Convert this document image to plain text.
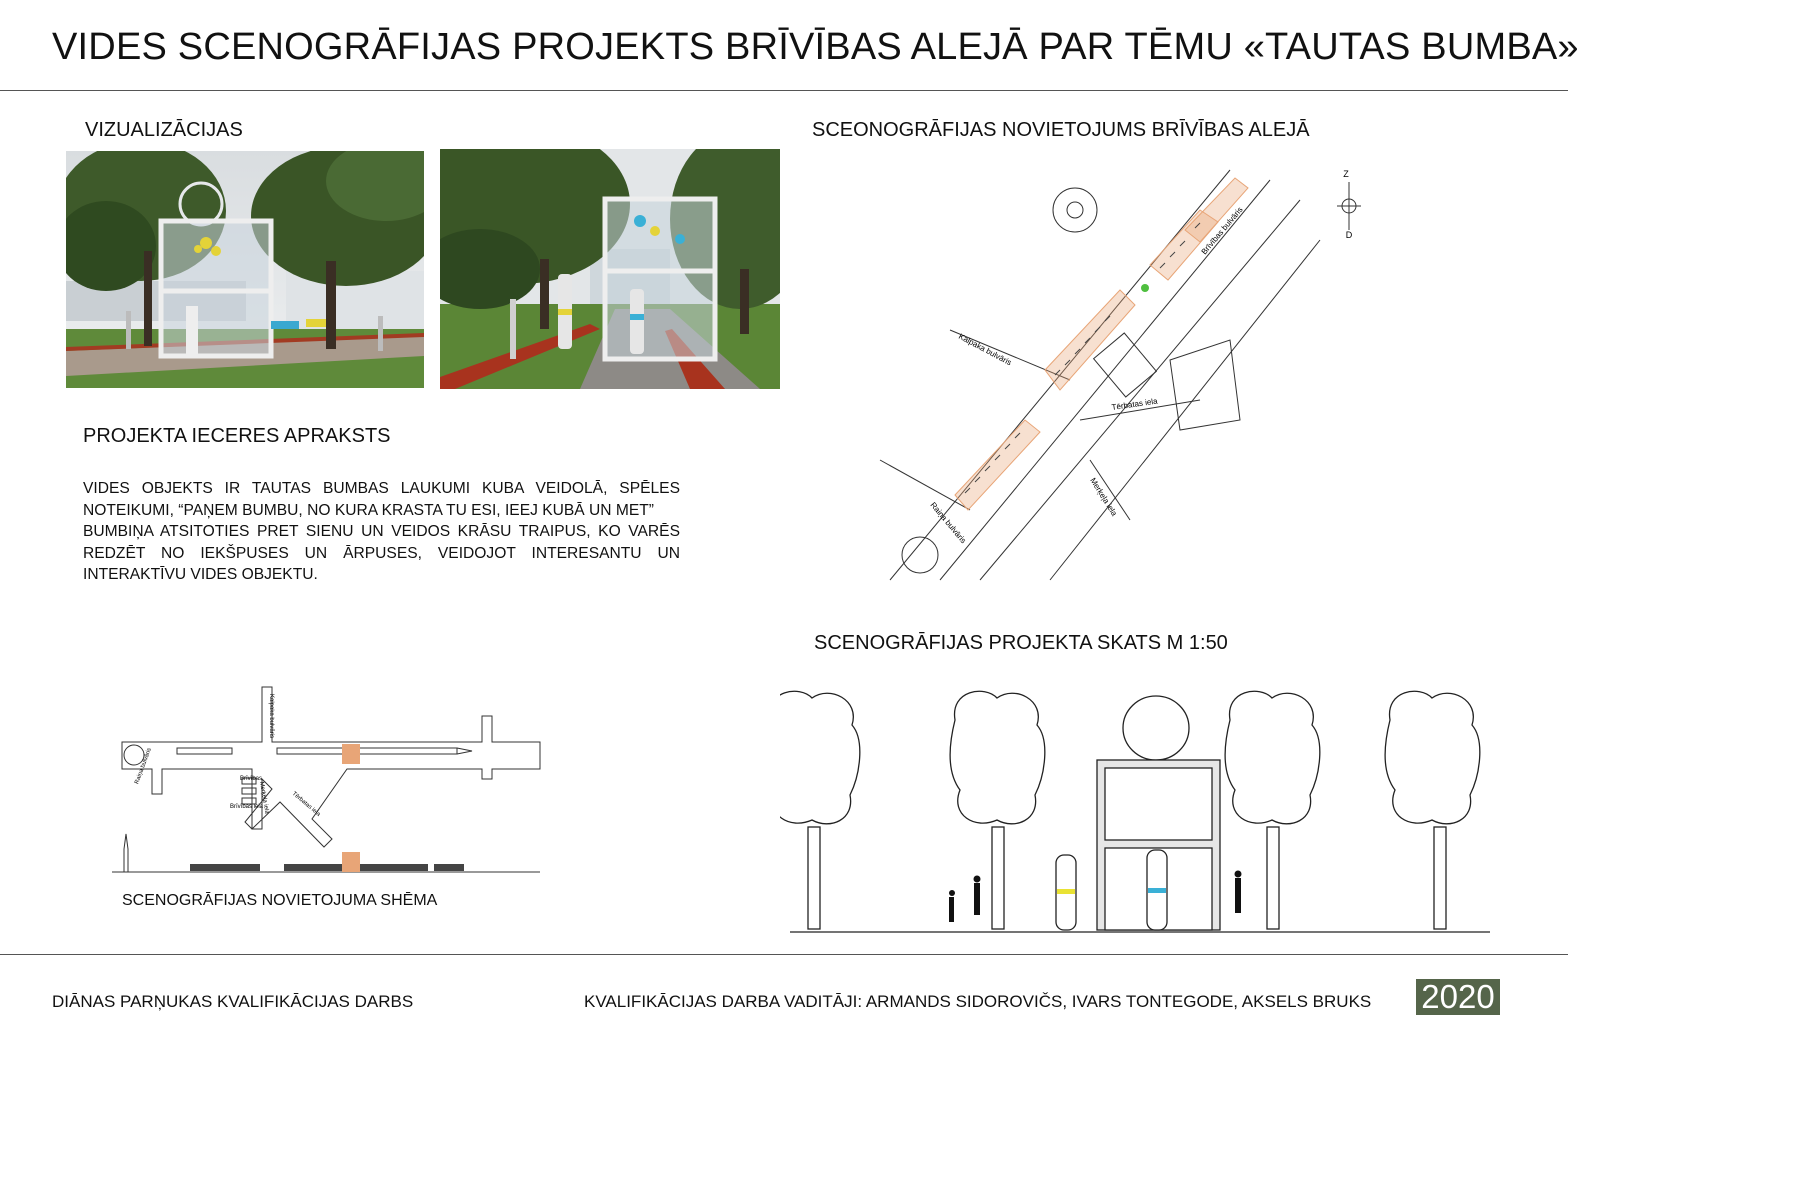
VIDES SCENOGRĀFIJAS PROJEKTS BRĪVĪBAS ALEJĀ PAR TĒMU «TAUTAS BUMBA»
VIZUALIZĀCIJAS
PROJEKTA IECERES APRAKSTS

VIDES OBJEKTS IR TAUTAS BUMBAS LAUKUMI KUBA VEIDOLĀ, SPĒLES NOTEIKUMI, “PAŅEM BUMBU, NO KURA KRASTA TU ESI, IEEJ KUBĀ UN MET”

BUMBIŅA ATSITOTIES PRET SIENU UN VEIDOS KRĀSU TRAIPUS, KO VARĒS REDZĒT NO IEKŠPUSES UN ĀRPUSES, VEIDOJOT INTERESANTU UN INTERAKTĪVU VIDES OBJEKTU.

SCEONOGRĀFIJAS NOVIETOJUMS BRĪVĪBAS ALEJĀ
Brīvības bulvāris
Kalpaka bulvāris
Tērbatas iela
Merķeļa iela
Raiņa bulvāris
Z
D
SCENOGRĀFIJAS PROJEKTA SKATS M 1:50
Kalpaka bulvāris
Raiņa bulvāris	Brīvības
Brīvības iela
Merķeļa iela	Tērbatas iela
SCENOGRĀFIJAS NOVIETOJUMA SHĒMA
DIĀNAS PARŅUKAS KVALIFIKĀCIJAS DARBS	KVALIFIKĀCIJAS DARBA VADITĀJI: ARMANDS SIDOROVIČS, IVARS TONTEGODE, AKSELS BRUKS 2020
